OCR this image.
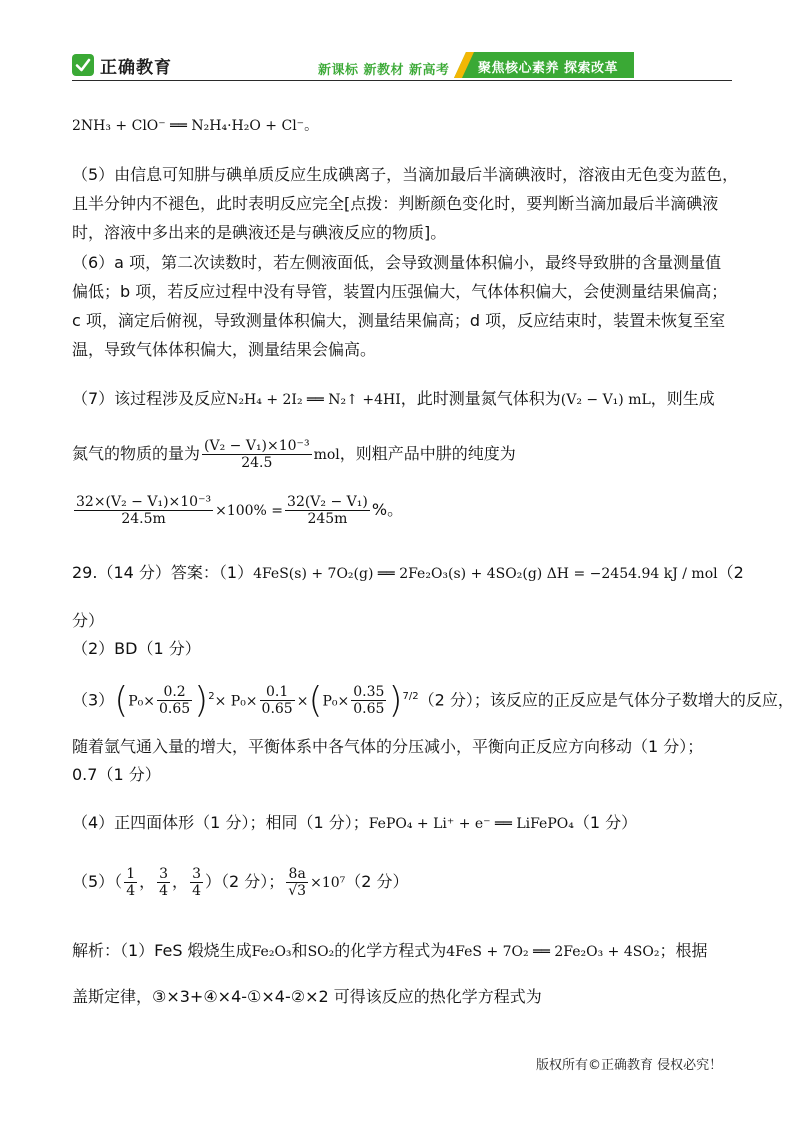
正确教育	新课标 新教材 新高考 聚焦核心素养 探索改革
2NH₃ + ClO⁻ ══ N₂H₄·H₂O + Cl⁻。
（5）由信息可知肼与碘单质反应生成碘离子，当滴加最后半滴碘液时，溶液由无色变为蓝色，
且半分钟内不褪色，此时表明反应完全[点拨：判断颜色变化时，要判断当滴加最后半滴碘液
时，溶液中多出来的是碘液还是与碘液反应的物质]。
（6）a 项，第二次读数时，若左侧液面低，会导致测量体积偏小，最终导致肼的含量测量值
偏低；b 项，若反应过程中没有导管，装置内压强偏大，气体体积偏大，会使测量结果偏高；
c 项，滴定后俯视，导致测量体积偏大，测量结果偏高；d 项，反应结束时，装置未恢复至室
温，导致气体体积偏大，测量结果会偏高。
（7）该过程涉及反应N₂H₄ + 2I₂ ══ N₂↑ +4HI，此时测量氮气体积为(V₂ − V₁) mL，则生成
氮气的物质的量为 $\frac{\text{(V₂ − V₁)×10⁻³}}{24.5}$ mol，则粗产品中肼的纯度为
$\frac{\text{32×(V₂ − V₁)×10⁻³}}{24.5m} \times 100\% = \frac{\text{32(V₂ − V₁)}}{245m}$ %。
29.（14 分）答案：（1）4FeS(s) + 7O₂(g) ══ 2Fe₂O₃(s) + 4SO₂(g) ΔH = −2454.94 kJ / mol（2
分）
（2）BD（1 分）
$(3)(P_0\times \frac{0.2}{0.65} )^2\times P_0\times \frac{0.1}{0.65} \times(P_0\times \frac{0.35}{0.65} )^{7/2}(2$ 分）；该反应的正反应是气体分子数增大的反应，
随着氩气通入量的增大，平衡体系中各气体的分压减小，平衡向正反应方向移动（1 分）；
0.7（1 分）
（4）正四面体形（1 分）；相同（1 分）；FePO₄ + Li⁺ + e⁻ ══ LiFePO₄（1 分）
$(5)( \frac{1}{4}$ ， $\frac{3}{4}$ ， $\frac{3}{4} )(2$ 分）； $\frac{8a}{√3} \times 10^7(2$ 分）
解析：（1）FeS 煅烧生成Fe₂O₃和SO₂的化学方程式为4FeS + 7O₂ ══ 2Fe₂O₃ + 4SO₂；根据
盖斯定律，③×3+④×4-①×4-②×2 可得该反应的热化学方程式为
版权所有©正确教育 侵权必究！
